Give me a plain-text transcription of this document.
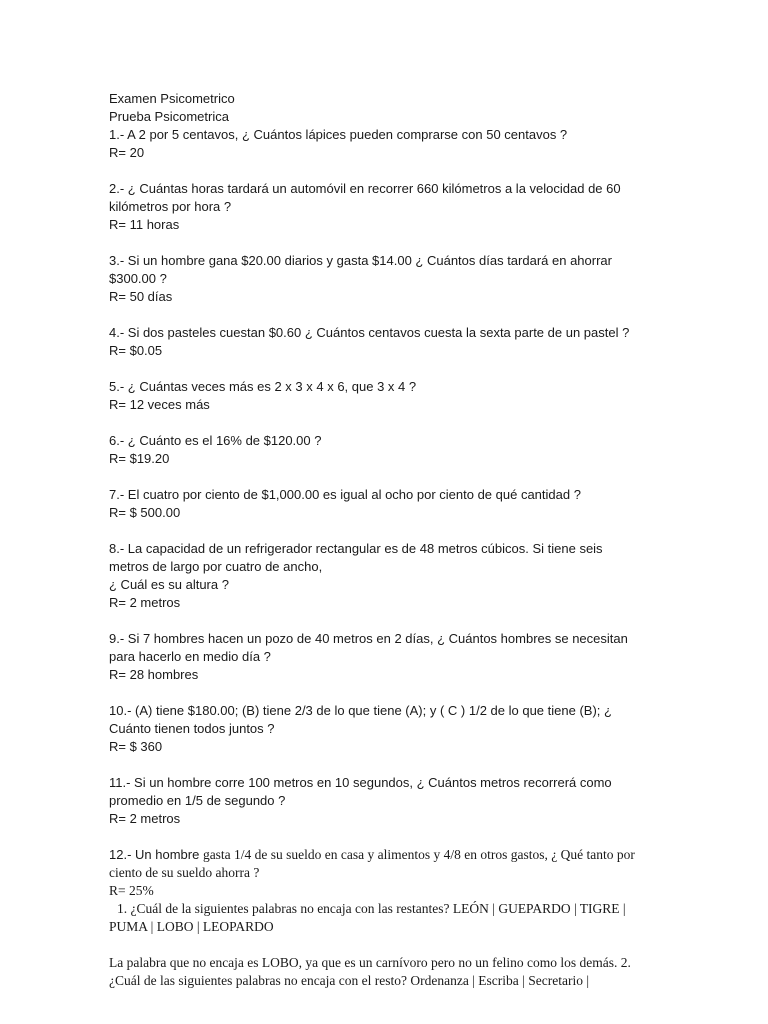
Examen Psicometrico
Prueba Psicometrica
1.- A 2 por 5 centavos, ¿ Cuántos lápices pueden comprarse con 50 centavos ?
R= 20
2.- ¿ Cuántas horas tardará un automóvil en recorrer 660 kilómetros a la velocidad de 60
kilómetros por hora ?
R= 11 horas
3.- Si un hombre gana $20.00 diarios y gasta $14.00 ¿ Cuántos días tardará en ahorrar
$300.00 ?
R= 50 días
4.- Si dos pasteles cuestan $0.60 ¿ Cuántos centavos cuesta la sexta parte de un pastel ?
R= $0.05
5.- ¿ Cuántas veces más es 2 x 3 x 4 x 6, que 3 x 4 ?
R= 12 veces más
6.- ¿ Cuánto es el 16% de $120.00 ?
R= $19.20
7.- El cuatro por ciento de $1,000.00 es igual al ocho por ciento de qué cantidad ?
R= $ 500.00
8.- La capacidad de un refrigerador rectangular es de 48 metros cúbicos. Si tiene seis
metros de largo por cuatro de ancho,
¿ Cuál es su altura ?
R= 2 metros
9.- Si 7 hombres hacen un pozo de 40 metros en 2 días, ¿ Cuántos hombres se necesitan
para hacerlo en medio día ?
R= 28 hombres
10.- (A) tiene $180.00; (B) tiene 2/3 de lo que tiene (A); y ( C ) 1/2 de lo que tiene (B); ¿
Cuánto tienen todos juntos ?
R= $ 360
11.- Si un hombre corre 100 metros en 10 segundos, ¿ Cuántos metros recorrerá como
promedio en 1/5 de segundo ?
R= 2 metros
12.- Un hombre gasta 1/4 de su sueldo en casa y alimentos y 4/8 en otros gastos, ¿ Qué tanto por
ciento de su sueldo ahorra ?
R= 25%
1. ¿Cuál de la siguientes palabras no encaja con las restantes? LEÓN | GUEPARDO | TIGRE |
PUMA | LOBO | LEOPARDO
La palabra que no encaja es LOBO, ya que es un carnívoro pero no un felino como los demás. 2.
¿Cuál de las siguientes palabras no encaja con el resto? Ordenanza | Escriba | Secretario |
